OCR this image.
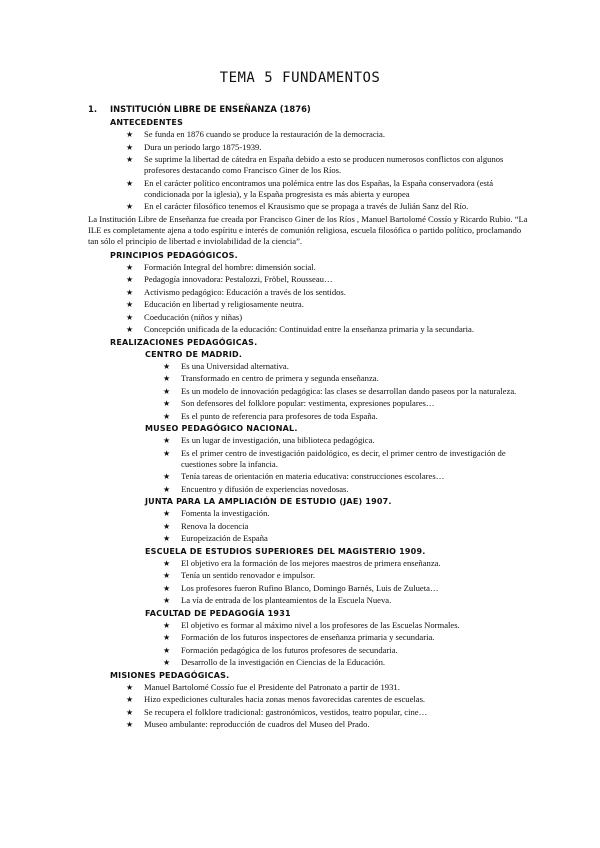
TEMA 5 FUNDAMENTOS
1. INSTITUCIÓN LIBRE DE ENSEÑANZA (1876)
ANTECEDENTES
★ Se funda en 1876 cuando se produce la restauración de la democracia.
★ Dura un periodo largo 1875-1939.
★ Se suprime la libertad de cátedra en España debido a esto se producen numerosos conflictos con algunos profesores destacando como Francisco Giner de los Ríos.
★ En el carácter político encontramos una polémica entre las dos Españas, la España conservadora (está condicionada por la iglesia), y la España progresista es más abierta y europea
★ En el carácter filosófico tenemos el Krausismo que se propaga a través de Julián Sanz del Río.

La Institución Libre de Enseñanza fue creada por Francisco Giner de los Ríos , Manuel Bartolomé Cossío y Ricardo Rubio. “La ILE es completamente ajena a todo espíritu e interés de comunión religiosa, escuela filosófica o partido político, proclamando tan sólo el principio de libertad e inviolabilidad de la ciencia”.

PRINCIPIOS PEDAGÓGICOS.
★ Formación Integral del hombre: dimensión social.
★ Pedagogía innovadora: Pestalozzi, Fröbel, Rousseau…
★ Activismo pedagógico: Educación a través de los sentidos.
★ Educación en libertad y religiosamente neutra.
★ Coeducación (niños y niñas)
★ Concepción unificada de la educación: Continuidad entre la enseñanza primaria y la secundaria.
REALIZACIONES PEDAGÓGICAS.
CENTRO DE MADRID.
★ Es una Universidad alternativa.
★ Transformado en centro de primera y segunda enseñanza.
★ Es un modelo de innovación pedagógica: las clases se desarrollan dando paseos por la naturaleza.
★ Son defensores del folklore popular: vestimenta, expresiones populares…
★ Es el punto de referencia para profesores de toda España.
MUSEO PEDAGÓGICO NACIONAL.
★ Es un lugar de investigación, una biblioteca pedagógica.
★ Es el primer centro de investigación paidológico, es decir, el primer centro de investigación de cuestiones sobre la infancia.
★ Tenía tareas de orientación en materia educativa: construcciones escolares…
★ Encuentro y difusión de experiencias novedosas.
JUNTA PARA LA AMPLIACIÓN DE ESTUDIO (JAE) 1907.
★ Fomenta la investigación.
★ Renova la docencia
★ Europeización de España
ESCUELA DE ESTUDIOS SUPERIORES DEL MAGISTERIO 1909.
★ El objetivo era la formación de los mejores maestros de primera enseñanza.
★ Tenía un sentido renovador e impulsor.
★ Los profesores fueron Rufino Blanco, Domingo Barnés, Luis de Zulueta…
★ La vía de entrada de los planteamientos de la Escuela Nueva.
FACULTAD DE PEDAGOGÍA 1931
★ El objetivo es formar al máximo nivel a los profesores de las Escuelas Normales.
★ Formación de los futuros inspectores de enseñanza primaria y secundaria.
★ Formación pedagógica de los futuros profesores de secundaria.
★ Desarrollo de la investigación en Ciencias de la Educación.
MISIONES PEDAGÓGICAS.
★ Manuel Bartolomé Cossío fue el Presidente del Patronato a partir de 1931.
★ Hizo expediciones culturales hacia zonas menos favorecidas carentes de escuelas.
★ Se recupera el folklore tradicional: gastronómicos, vestidos, teatro popular, cine…
★ Museo ambulante: reproducción de cuadros del Museo del Prado.
